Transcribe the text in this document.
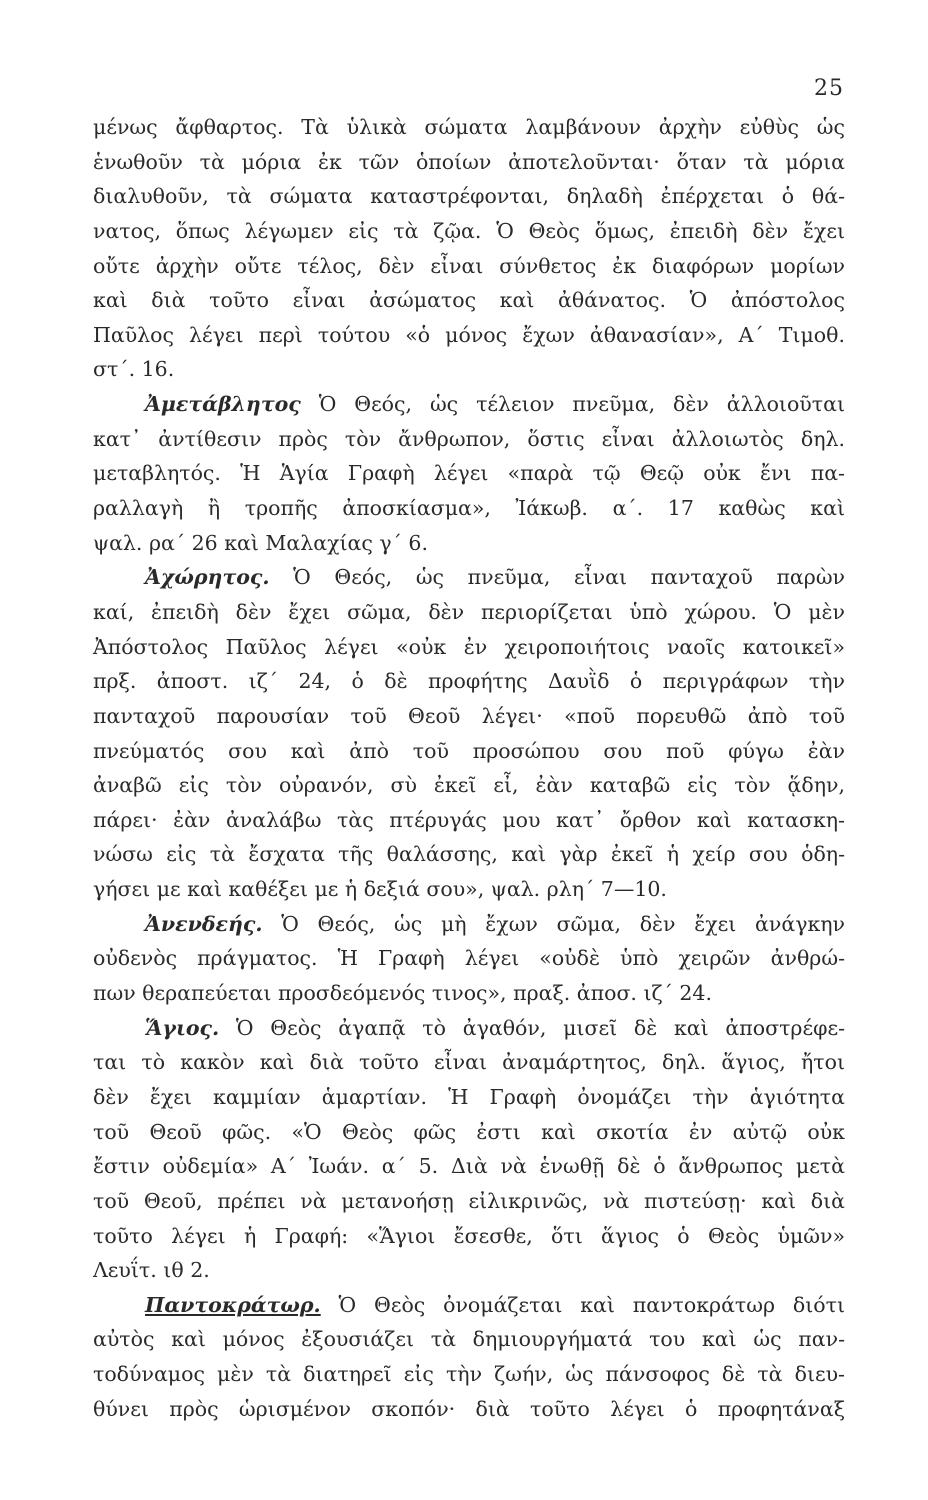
25
μένως ἄφθαρτος. Τὰ ὑλικὰ σώματα λαμβάνουν ἀρχὴν εὐθὺς ὡς
ἑνωθοῦν τὰ μόρια ἐκ τῶν ὁποίων ἀποτελοῦνται· ὅταν τὰ μόρια
διαλυθοῦν, τὰ σώματα καταστρέφονται, δηλαδὴ ἐπέρχεται ὁ θά-
νατος, ὅπως λέγωμεν εἰς τὰ ζῷα. Ὁ Θεὸς ὅμως, ἐπειδὴ δὲν ἔχει
οὔτε ἀρχὴν οὔτε τέλος, δὲν εἶναι σύνθετος ἐκ διαφόρων μορίων
καὶ διὰ τοῦτο εἶναι ἀσώματος καὶ ἀθάνατος. Ὁ ἀπόστολος
Παῦλος λέγει περὶ τούτου «ὁ μόνος ἔχων ἀθανασίαν», Α΄ Τιμοθ.
στ΄. 16.
Ἀμετάβλητος Ὁ Θεός, ὡς τέλειον πνεῦμα, δὲν ἀλλοιοῦται
κατ᾽ ἀντίθεσιν πρὸς τὸν ἄνθρωπον, ὅστις εἶναι ἀλλοιωτὸς δηλ.
μεταβλητός. Ἡ Ἁγία Γραφὴ λέγει «παρὰ τῷ Θεῷ οὐκ ἔνι πα-
ραλλαγὴ ἢ τροπῆς ἀποσκίασμα», Ἰάκωβ. α΄. 17 καθὼς καὶ
ψαλ. ρα΄ 26 καὶ Μαλαχίας γ΄ 6.
Ἀχώρητος. Ὁ Θεός, ὡς πνεῦμα, εἶναι πανταχοῦ παρὼν
καί, ἐπειδὴ δὲν ἔχει σῶμα, δὲν περιορίζεται ὑπὸ χώρου. Ὁ μὲν
Ἀπόστολος Παῦλος λέγει «οὐκ ἐν χειροποιήτοις ναοῖς κατοικεῖ»
πρξ. ἀποστ. ιζ΄ 24, ὁ δὲ προφήτης Δαυῒδ ὁ περιγράφων τὴν
πανταχοῦ παρουσίαν τοῦ Θεοῦ λέγει· «ποῦ πορευθῶ ἀπὸ τοῦ
πνεύματός σου καὶ ἀπὸ τοῦ προσώπου σου ποῦ φύγω ἐὰν
ἀναβῶ εἰς τὸν οὐρανόν, σὺ ἐκεῖ εἶ, ἐὰν καταβῶ εἰς τὸν ᾅδην,
πάρει· ἐὰν ἀναλάβω τὰς πτέρυγάς μου κατ᾽ ὄρθον καὶ κατασκη-
νώσω εἰς τὰ ἔσχατα τῆς θαλάσσης, καὶ γὰρ ἐκεῖ ἡ χείρ σου ὁδη-
γήσει με καὶ καθέξει με ἡ δεξιά σου», ψαλ. ρλη΄ 7—10.
Ἀνενδεής. Ὁ Θεός, ὡς μὴ ἔχων σῶμα, δὲν ἔχει ἀνάγκην
οὐδενὸς πράγματος. Ἡ Γραφὴ λέγει «οὐδὲ ὑπὸ χειρῶν ἀνθρώ-
πων θεραπεύεται προσδεόμενός τινος», πραξ. ἀποσ. ιζ΄ 24.
Ἅγιος. Ὁ Θεὸς ἀγαπᾷ τὸ ἀγαθόν, μισεῖ δὲ καὶ ἀποστρέφε-
ται τὸ κακὸν καὶ διὰ τοῦτο εἶναι ἀναμάρτητος, δηλ. ἅγιος, ἤτοι
δὲν ἔχει καμμίαν ἁμαρτίαν. Ἡ Γραφὴ ὀνομάζει τὴν ἁγιότητα
τοῦ Θεοῦ φῶς. «Ὁ Θεὸς φῶς ἐστι καὶ σκοτία ἐν αὐτῷ οὐκ
ἔστιν οὐδεμία» Α΄ Ἰωάν. α΄ 5. Διὰ νὰ ἑνωθῇ δὲ ὁ ἄνθρωπος μετὰ
τοῦ Θεοῦ, πρέπει νὰ μετανοήσῃ εἰλικρινῶς, νὰ πιστεύσῃ· καὶ διὰ
τοῦτο λέγει ἡ Γραφή: «Ἅγιοι ἔσεσθε, ὅτι ἅγιος ὁ Θεὸς ὑμῶν»
Λευΐτ. ιθ 2.
Παντοκράτωρ. Ὁ Θεὸς ὀνομάζεται καὶ παντοκράτωρ διότι
αὐτὸς καὶ μόνος ἐξουσιάζει τὰ δημιουργήματά του καὶ ὡς παν-
τοδύναμος μὲν τὰ διατηρεῖ εἰς τὴν ζωήν, ὡς πάνσοφος δὲ τὰ διευ-
θύνει πρὸς ὡρισμένον σκοπόν· διὰ τοῦτο λέγει ὁ προφητάναξ
